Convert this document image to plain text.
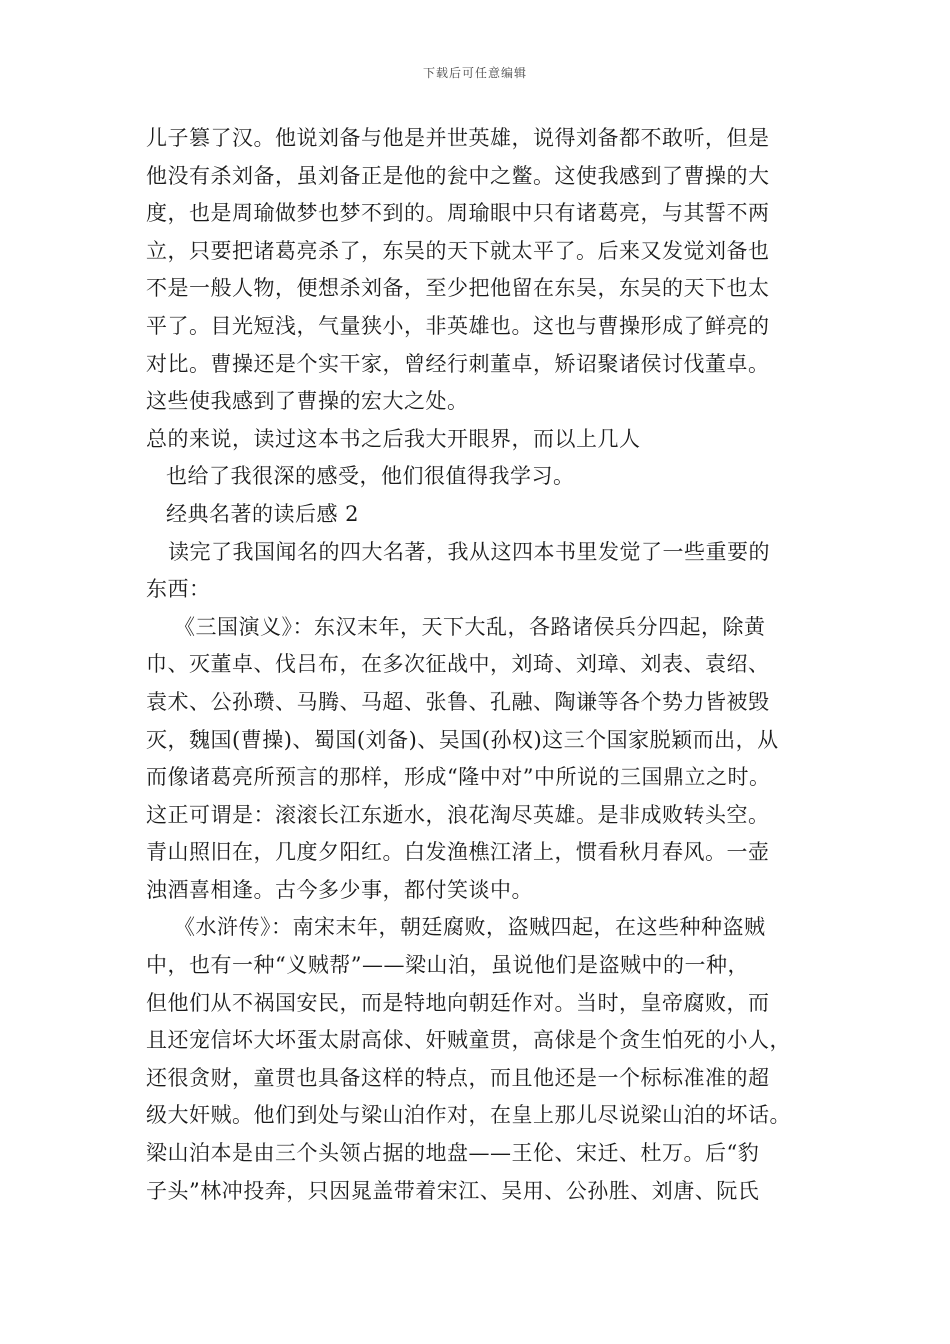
下载后可任意编辑
儿子篡了汉。他说刘备与他是并世英雄，说得刘备都不敢听，但是
他没有杀刘备，虽刘备正是他的瓮中之鳖。这使我感到了曹操的大
度，也是周瑜做梦也梦不到的。周瑜眼中只有诸葛亮，与其誓不两
立，只要把诸葛亮杀了，东吴的天下就太平了。后来又发觉刘备也
不是一般人物，便想杀刘备，至少把他留在东吴，东吴的天下也太
平了。目光短浅，气量狭小，非英雄也。这也与曹操形成了鲜亮的
对比。曹操还是个实干家，曾经行刺董卓，矫诏聚诸侯讨伐董卓。
这些使我感到了曹操的宏大之处。
总的来说，读过这本书之后我大开眼界，而以上几人
也给了我很深的感受，他们很值得我学习。
经典名著的读后感 2
读完了我国闻名的四大名著，我从这四本书里发觉了一些重要的
东西：
《三国演义》：东汉末年，天下大乱，各路诸侯兵分四起，除黄
巾、灭董卓、伐吕布，在多次征战中，刘琦、刘璋、刘表、袁绍、
袁术、公孙瓒、马腾、马超、张鲁、孔融、陶谦等各个势力皆被毁
灭，魏国(曹操)、蜀国(刘备)、吴国(孙权)这三个国家脱颖而出，从
而像诸葛亮所预言的那样，形成“隆中对”中所说的三国鼎立之时。
这正可谓是：滚滚长江东逝水，浪花淘尽英雄。是非成败转头空。
青山照旧在，几度夕阳红。白发渔樵江渚上，惯看秋月春风。一壶
浊酒喜相逢。古今多少事，都付笑谈中。
《水浒传》：南宋末年，朝廷腐败，盗贼四起，在这些种种盗贼
中，也有一种“义贼帮”——梁山泊，虽说他们是盗贼中的一种，
但他们从不祸国安民，而是特地向朝廷作对。当时，皇帝腐败，而
且还宠信坏大坏蛋太尉高俅、奸贼童贯，高俅是个贪生怕死的小人，
还很贪财，童贯也具备这样的特点，而且他还是一个标标准准的超
级大奸贼。他们到处与梁山泊作对，在皇上那儿尽说梁山泊的坏话。
梁山泊本是由三个头领占据的地盘——王伦、宋迁、杜万。后“豹
子头”林冲投奔，只因晁盖带着宋江、吴用、公孙胜、刘唐、阮氏
